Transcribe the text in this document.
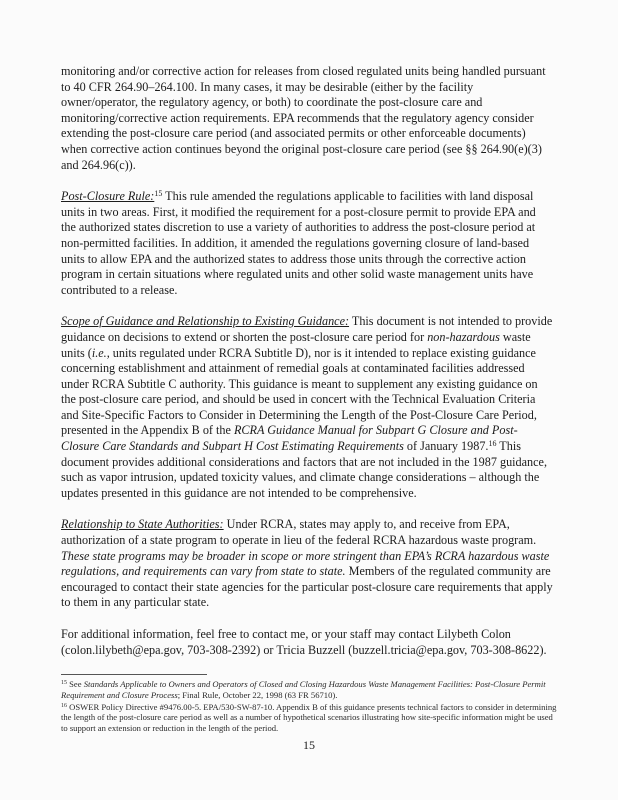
monitoring and/or corrective action for releases from closed regulated units being handled pursuant to 40 CFR 264.90–264.100. In many cases, it may be desirable (either by the facility owner/operator, the regulatory agency, or both) to coordinate the post-closure care and monitoring/corrective action requirements. EPA recommends that the regulatory agency consider extending the post-closure care period (and associated permits or other enforceable documents) when corrective action continues beyond the original post-closure care period (see §§ 264.90(e)(3) and 264.96(c)).

Post-Closure Rule:$^{15}$ This rule amended the regulations applicable to facilities with land disposal units in two areas. First, it modified the requirement for a post-closure permit to provide EPA and the authorized states discretion to use a variety of authorities to address the post-closure period at non-permitted facilities. In addition, it amended the regulations governing closure of land-based units to allow EPA and the authorized states to address those units through the corrective action program in certain situations where regulated units and other solid waste management units have contributed to a release.

Scope of Guidance and Relationship to Existing Guidance: This document is not intended to provide guidance on decisions to extend or shorten the post-closure care period for non-hazardous waste units (i.e., units regulated under RCRA Subtitle D), nor is it intended to replace existing guidance concerning establishment and attainment of remedial goals at contaminated facilities addressed under RCRA Subtitle C authority. This guidance is meant to supplement any existing guidance on the post-closure care period, and should be used in concert with the Technical Evaluation Criteria and Site-Specific Factors to Consider in Determining the Length of the Post-Closure Care Period, presented in the Appendix B of the RCRA Guidance Manual for Subpart G Closure and Post-Closure Care Standards and Subpart H Cost Estimating Requirements of January 1987.16 This document provides additional considerations and factors that are not included in the 1987 guidance, such as vapor intrusion, updated toxicity values, and climate change considerations – although the updates presented in this guidance are not intended to be comprehensive.

Relationship to State Authorities: Under RCRA, states may apply to, and receive from EPA, authorization of a state program to operate in lieu of the federal RCRA hazardous waste program. These state programs may be broader in scope or more stringent than EPA’s RCRA hazardous waste regulations, and requirements can vary from state to state. Members of the regulated community are encouraged to contact their state agencies for the particular post-closure care requirements that apply to them in any particular state.

For additional information, feel free to contact me, or your staff may contact Lilybeth Colon (colon.lilybeth@epa.gov, 703-308-2392) or Tricia Buzzell (buzzell.tricia@epa.gov, 703-308-8622).

$^{15}$ See Standards Applicable to Owners and Operators of Closed and Closing Hazardous Waste Management Facilities: Post-Closure Permit Requirement and Closure Process; Final Rule, October 22, 1998 (63 FR 56710).
$^{16}$ OSWER Policy Directive #9476.00-5. EPA/530-SW-87-10. Appendix B of this guidance presents technical factors to consider in determining the length of the post-closure care period as well as a number of hypothetical scenarios illustrating how site-specific information might be used to support an extension or reduction in the length of the period.
15
